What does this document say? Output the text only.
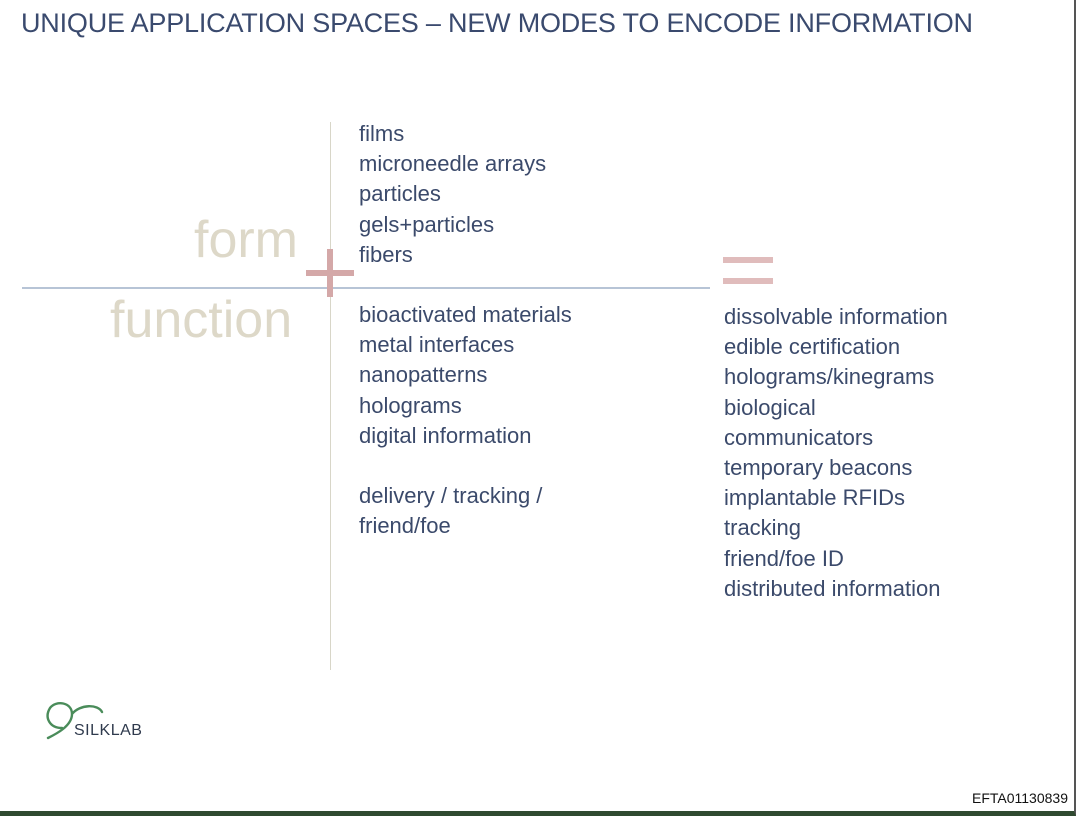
UNIQUE APPLICATION SPACES – NEW MODES TO ENCODE INFORMATION
form
function
films
microneedle arrays
particles
gels+particles
fibers
bioactivated materials
metal interfaces
nanopatterns
holograms
digital information
delivery / tracking /
friend/foe
dissolvable information
edible certification
holograms/kinegrams
biological
communicators
temporary beacons
implantable RFIDs
tracking
friend/foe ID
distributed information
SILKLAB
EFTA01130839
